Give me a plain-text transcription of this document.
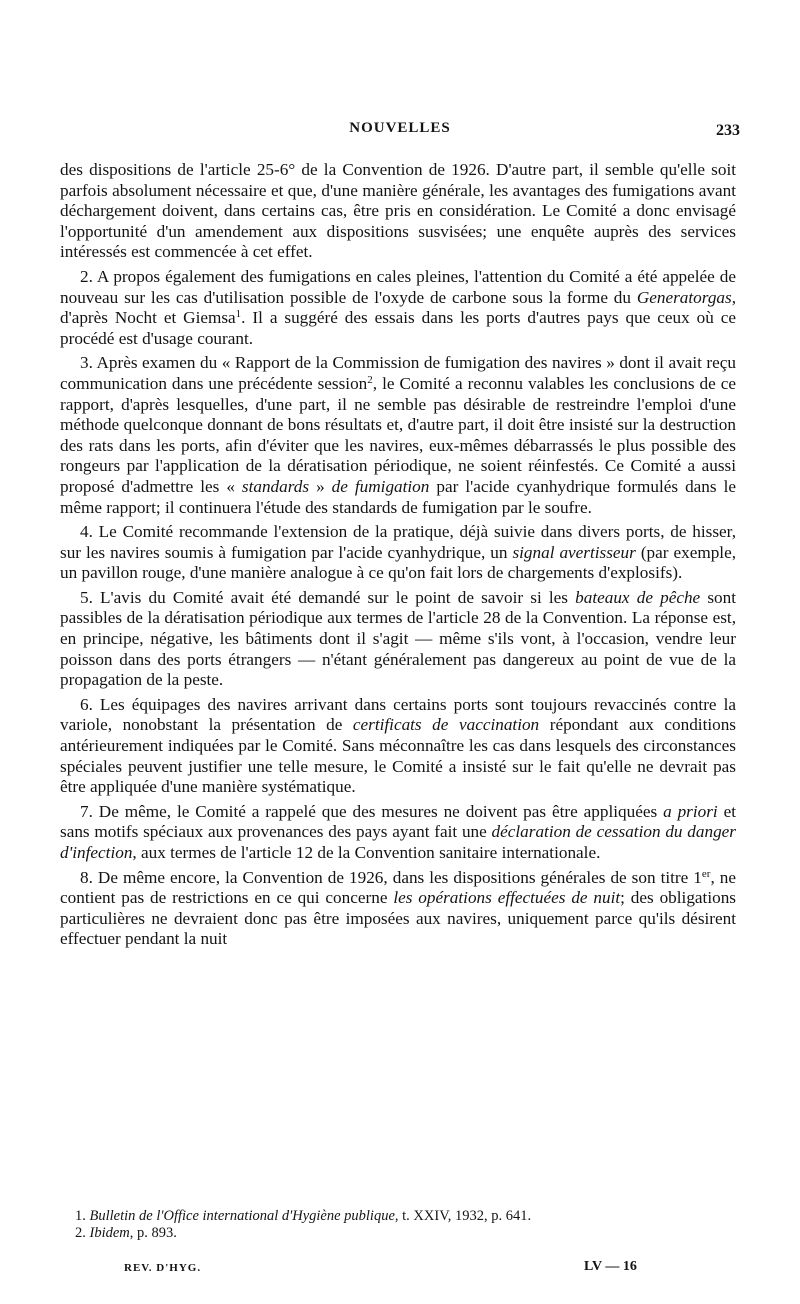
NOUVELLES	233

des dispositions de l'article 25-6° de la Convention de 1926. D'autre part, il semble qu'elle soit parfois absolument nécessaire et que, d'une manière générale, les avantages des fumigations avant déchargement doivent, dans certains cas, être pris en considération. Le Comité a donc envisagé l'opportunité d'un amendement aux dispositions susvisées; une enquête auprès des services intéressés est commencée à cet effet.

2. A propos également des fumigations en cales pleines, l'attention du Comité a été appelée de nouveau sur les cas d'utilisation possible de l'oxyde de carbone sous la forme du Generatorgas, d'après Nocht et Giemsa$^1$. Il a suggéré des essais dans les ports d'autres pays que ceux où ce procédé est d'usage courant.

3. Après examen du « Rapport de la Commission de fumigation des navires » dont il avait reçu communication dans une précédente session$^2$, le Comité a reconnu valables les conclusions de ce rapport, d'après lesquelles, d'une part, il ne semble pas désirable de restreindre l'emploi d'une méthode quelconque donnant de bons résultats et, d'autre part, il doit être insisté sur la destruction des rats dans les ports, afin d'éviter que les navires, eux-mêmes débarrassés le plus possible des rongeurs par l'application de la dératisation périodique, ne soient réinfestés. Ce Comité a aussi proposé d'admettre les « standards » de fumigation par l'acide cyanhydrique formulés dans le même rapport; il continuera l'étude des standards de fumigation par le soufre.

4. Le Comité recommande l'extension de la pratique, déjà suivie dans divers ports, de hisser, sur les navires soumis à fumigation par l'acide cyanhydrique, un signal avertisseur (par exemple, un pavillon rouge, d'une manière analogue à ce qu'on fait lors de chargements d'explosifs).

5. L'avis du Comité avait été demandé sur le point de savoir si les bateaux de pêche sont passibles de la dératisation périodique aux termes de l'article 28 de la Convention. La réponse est, en principe, négative, les bâtiments dont il s'agit — même s'ils vont, à l'occasion, vendre leur poisson dans des ports étrangers — n'étant généralement pas dangereux au point de vue de la propagation de la peste.

6. Les équipages des navires arrivant dans certains ports sont toujours revaccinés contre la variole, nonobstant la présentation de certificats de vaccination répondant aux conditions antérieurement indiquées par le Comité. Sans méconnaître les cas dans lesquels des circonstances spéciales peuvent justifier une telle mesure, le Comité a insisté sur le fait qu'elle ne devrait pas être appliquée d'une manière systématique.

7. De même, le Comité a rappelé que des mesures ne doivent pas être appliquées a priori et sans motifs spéciaux aux provenances des pays ayant fait une déclaration de cessation du danger d'infection, aux termes de l'article 12 de la Convention sanitaire internationale.

8. De même encore, la Convention de 1926, dans les dispositions générales de son titre 1er, ne contient pas de restrictions en ce qui concerne les opérations effectuées de nuit; des obligations particulières ne devraient donc pas être imposées aux navires, uniquement parce qu'ils désirent effectuer pendant la nuit

1. Bulletin de l'Office international d'Hygiène publique, t. XXIV, 1932, p. 641.

2. Ibidem, p. 893.

REV. D'HYG.	LV — 16
